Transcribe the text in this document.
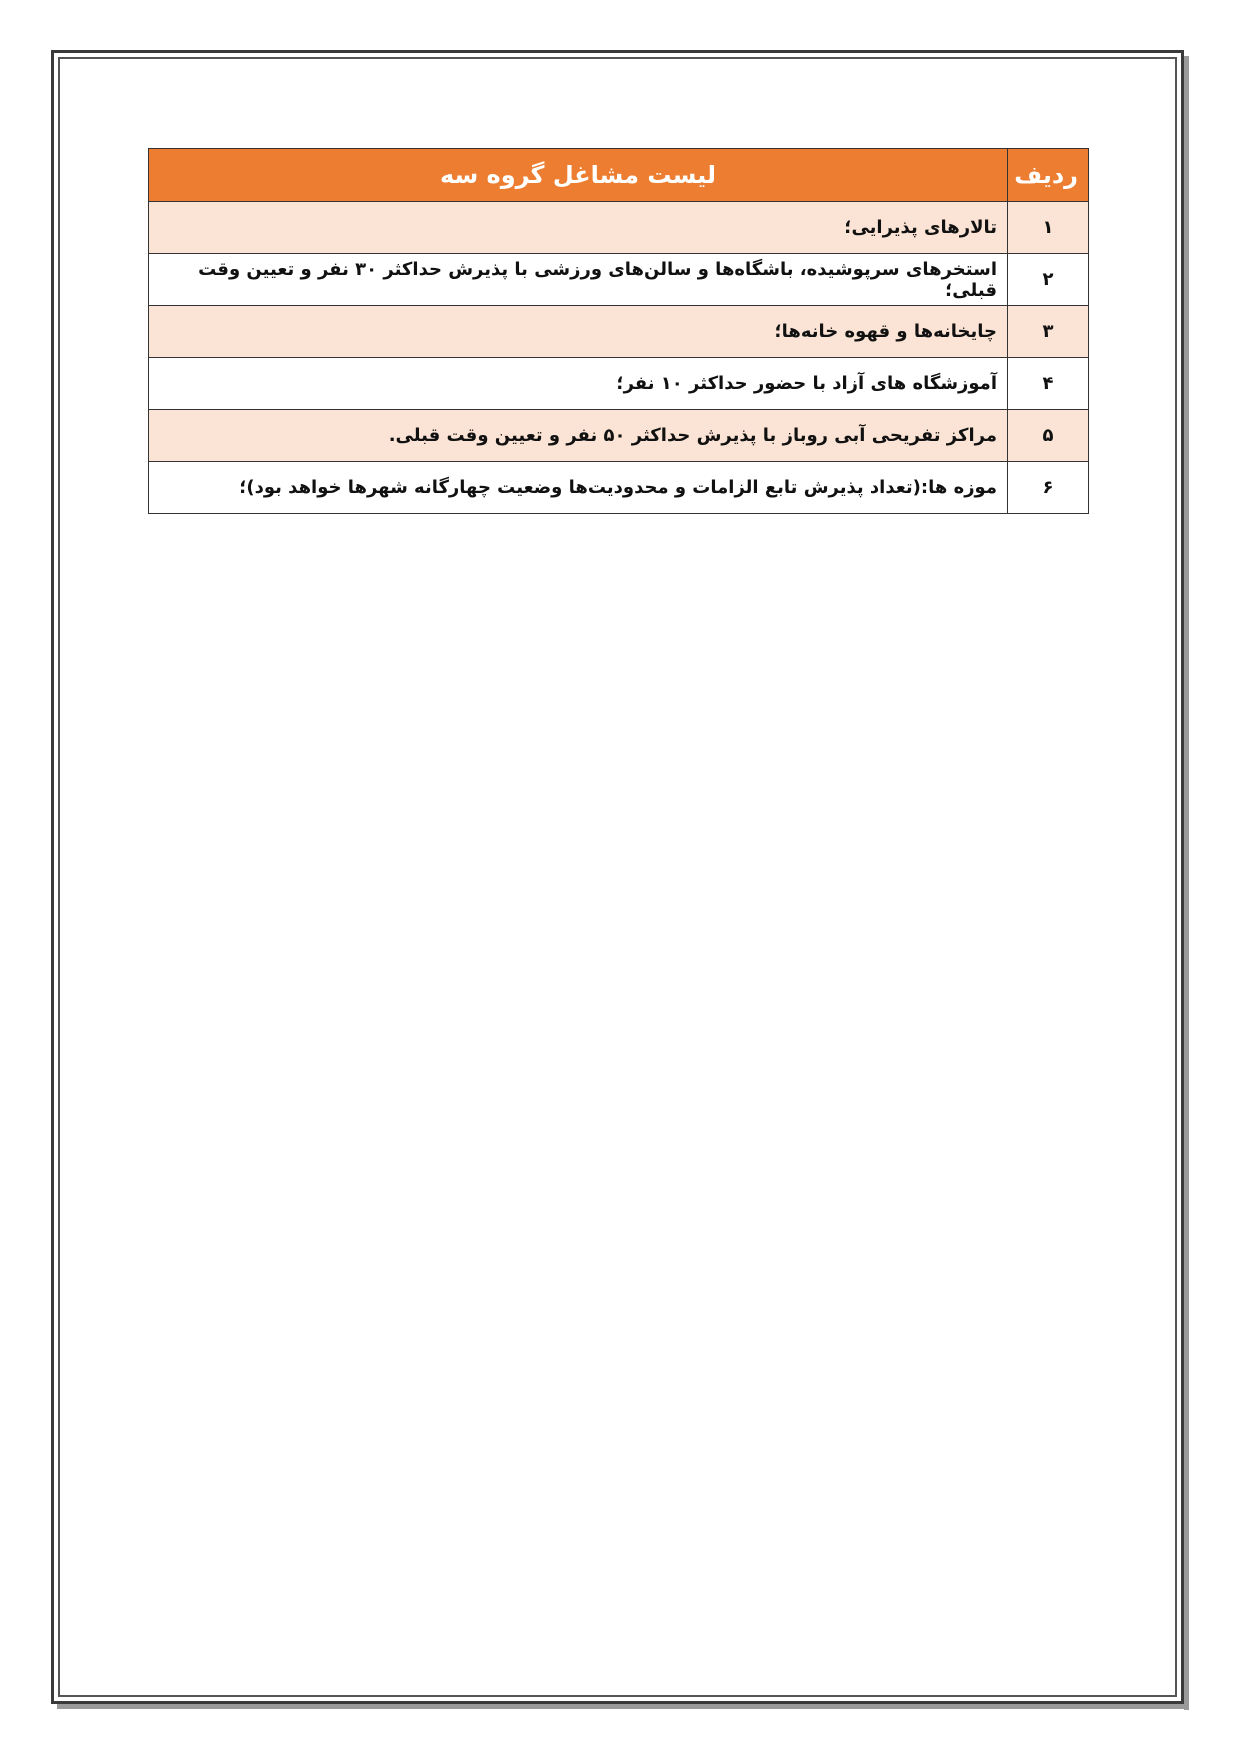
ردیف	لیست مشاغل گروه سه
۱	تالارهای پذیرایی؛
۲	استخرهای سرپوشیده، باشگاه‌ها و سالن‌های ورزشی با پذیرش حداکثر ۳۰ نفر و تعیین وقت قبلی؛
۳	چایخانه‌ها و قهوه خانه‌ها؛
۴	آموزشگاه های آزاد با حضور حداکثر ۱۰ نفر؛
۵	مراکز تفریحی آبی روباز با پذیرش حداکثر ۵۰ نفر و تعیین وقت قبلی.
۶	موزه ها:(تعداد پذیرش تابع الزامات و محدودیت‌ها وضعیت چهارگانه شهرها خواهد بود)؛
